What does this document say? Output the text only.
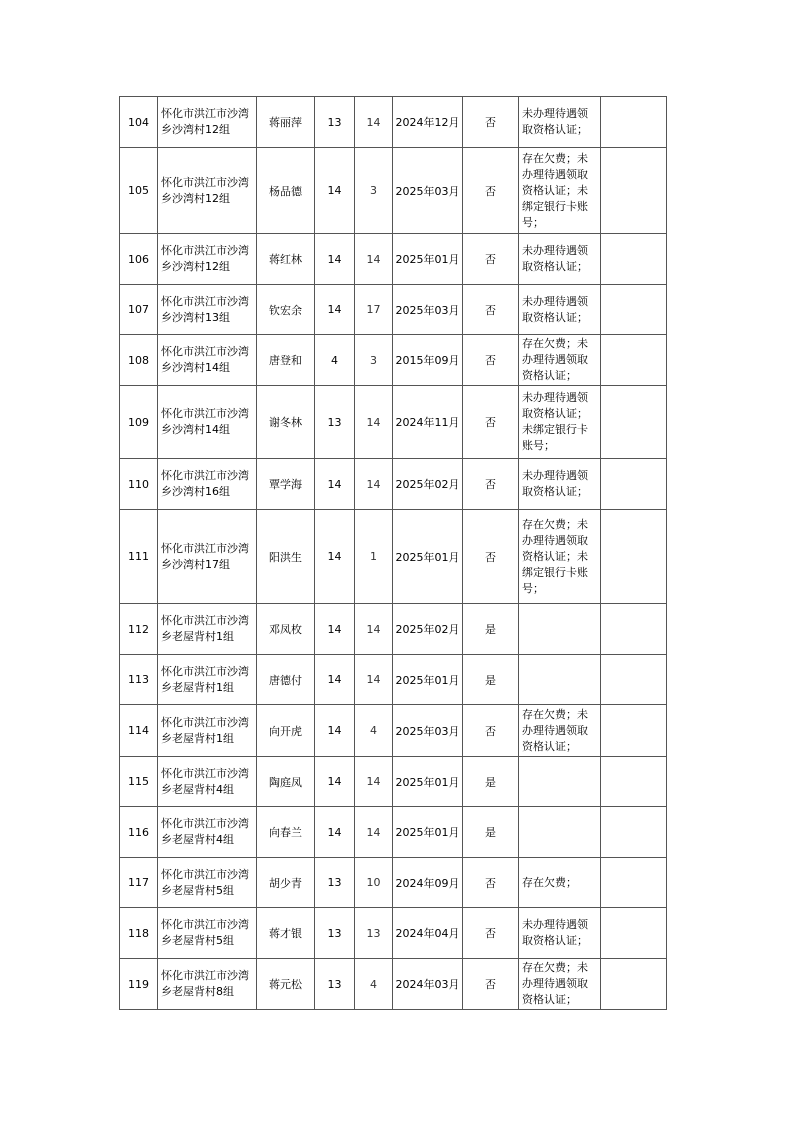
104	怀化市洪江市沙湾乡沙湾村12组	蒋丽萍	13	14	2024年12月	否	未办理待遇领取资格认证；	
105	怀化市洪江市沙湾乡沙湾村12组	杨品德	14	3	2025年03月	否	存在欠费；未办理待遇领取资格认证；未绑定银行卡账号；	
106	怀化市洪江市沙湾乡沙湾村12组	蒋红林	14	14	2025年01月	否	未办理待遇领取资格认证；	
107	怀化市洪江市沙湾乡沙湾村13组	钦宏余	14	17	2025年03月	否	未办理待遇领取资格认证；	
108	怀化市洪江市沙湾乡沙湾村14组	唐登和	4	3	2015年09月	否	存在欠费；未办理待遇领取资格认证；	
109	怀化市洪江市沙湾乡沙湾村14组	谢冬林	13	14	2024年11月	否	未办理待遇领取资格认证；未绑定银行卡账号；	
110	怀化市洪江市沙湾乡沙湾村16组	覃学海	14	14	2025年02月	否	未办理待遇领取资格认证；	
111	怀化市洪江市沙湾乡沙湾村17组	阳洪生	14	1	2025年01月	否	存在欠费；未办理待遇领取资格认证；未绑定银行卡账号；	
112	怀化市洪江市沙湾乡老屋背村1组	邓凤枚	14	14	2025年02月	是		
113	怀化市洪江市沙湾乡老屋背村1组	唐德付	14	14	2025年01月	是		
114	怀化市洪江市沙湾乡老屋背村1组	向开虎	14	4	2025年03月	否	存在欠费；未办理待遇领取资格认证；	
115	怀化市洪江市沙湾乡老屋背村4组	陶庭凤	14	14	2025年01月	是		
116	怀化市洪江市沙湾乡老屋背村4组	向春兰	14	14	2025年01月	是		
117	怀化市洪江市沙湾乡老屋背村5组	胡少青	13	10	2024年09月	否	存在欠费；	
118	怀化市洪江市沙湾乡老屋背村5组	蒋才银	13	13	2024年04月	否	未办理待遇领取资格认证；	
119	怀化市洪江市沙湾乡老屋背村8组	蒋元松	13	4	2024年03月	否	存在欠费；未办理待遇领取资格认证；	
